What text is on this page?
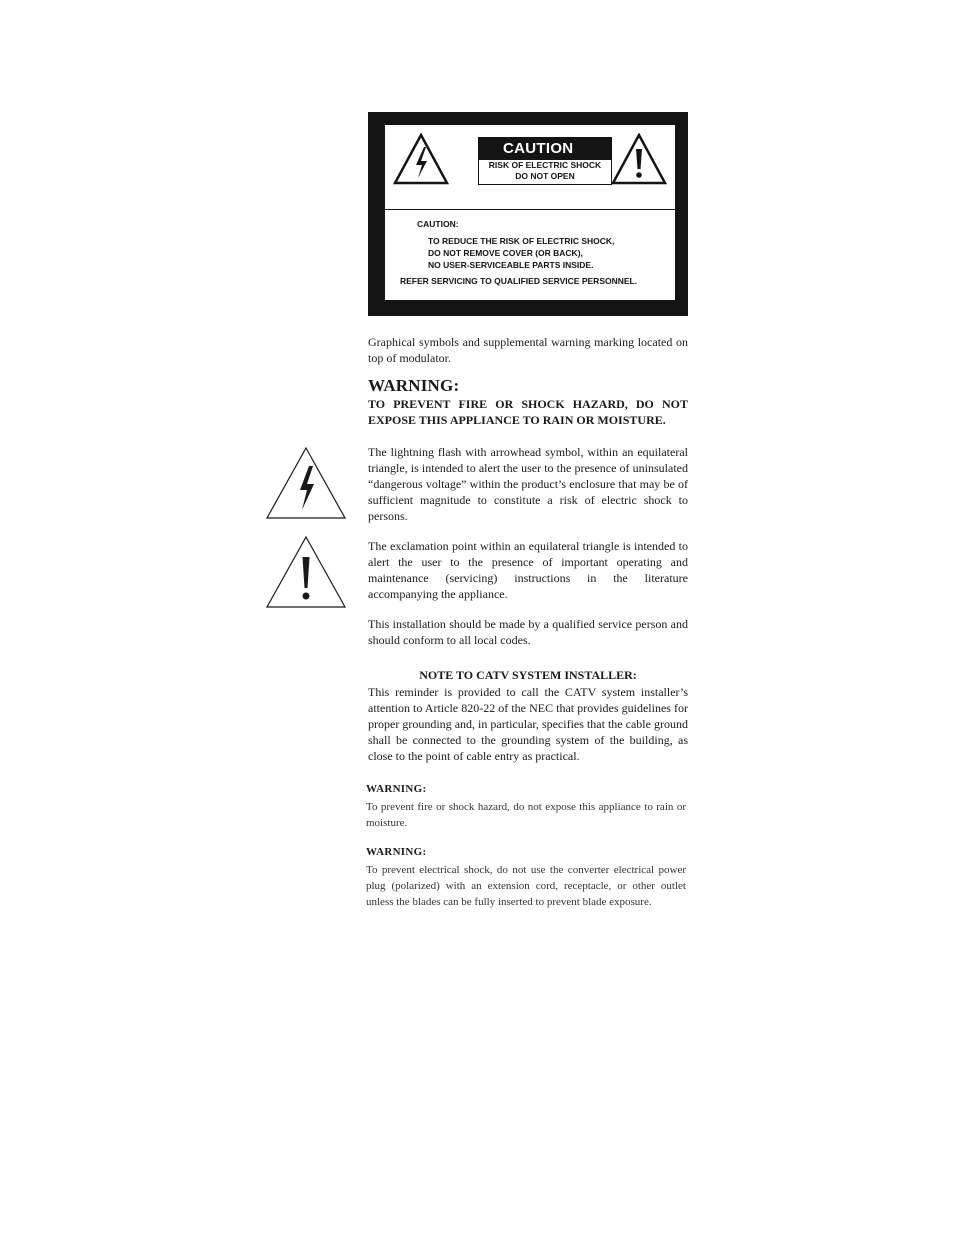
CAUTION
RISK OF ELECTRIC SHOCK
DO NOT OPEN
CAUTION:
TO REDUCE THE RISK OF ELECTRIC SHOCK,
DO NOT REMOVE COVER (OR BACK),
NO USER-SERVICEABLE PARTS INSIDE.
REFER SERVICING TO QUALIFIED SERVICE PERSONNEL.

Graphical symbols and supplemental warning marking located on top of modulator.

WARNING:

TO PREVENT FIRE OR SHOCK HAZARD, DO NOT EXPOSE THIS APPLIANCE TO RAIN OR MOISTURE.

The lightning flash with arrowhead symbol, within an equilateral triangle, is intended to alert the user to the presence of uninsulated “dangerous voltage” within the product’s enclosure that may be of sufficient magnitude to constitute a risk of electric shock to persons.

The exclamation point within an equilateral triangle is intended to alert the user to the presence of important operating and maintenance (servicing) instructions in the literature accompanying the appliance.

This installation should be made by a qualified service person and should conform to all local codes.

NOTE TO CATV SYSTEM INSTALLER:

This reminder is provided to call the CATV system installer’s attention to Article 820-22 of the NEC that provides guidelines for proper grounding and, in particular, specifies that the cable ground shall be connected to the grounding system of the building, as close to the point of cable entry as practical.

WARNING:

To prevent fire or shock hazard, do not expose this appliance to rain or moisture.

WARNING:

To prevent electrical shock, do not use the converter electrical power plug (polarized) with an extension cord, receptacle, or other outlet unless the blades can be fully inserted to prevent blade exposure.
